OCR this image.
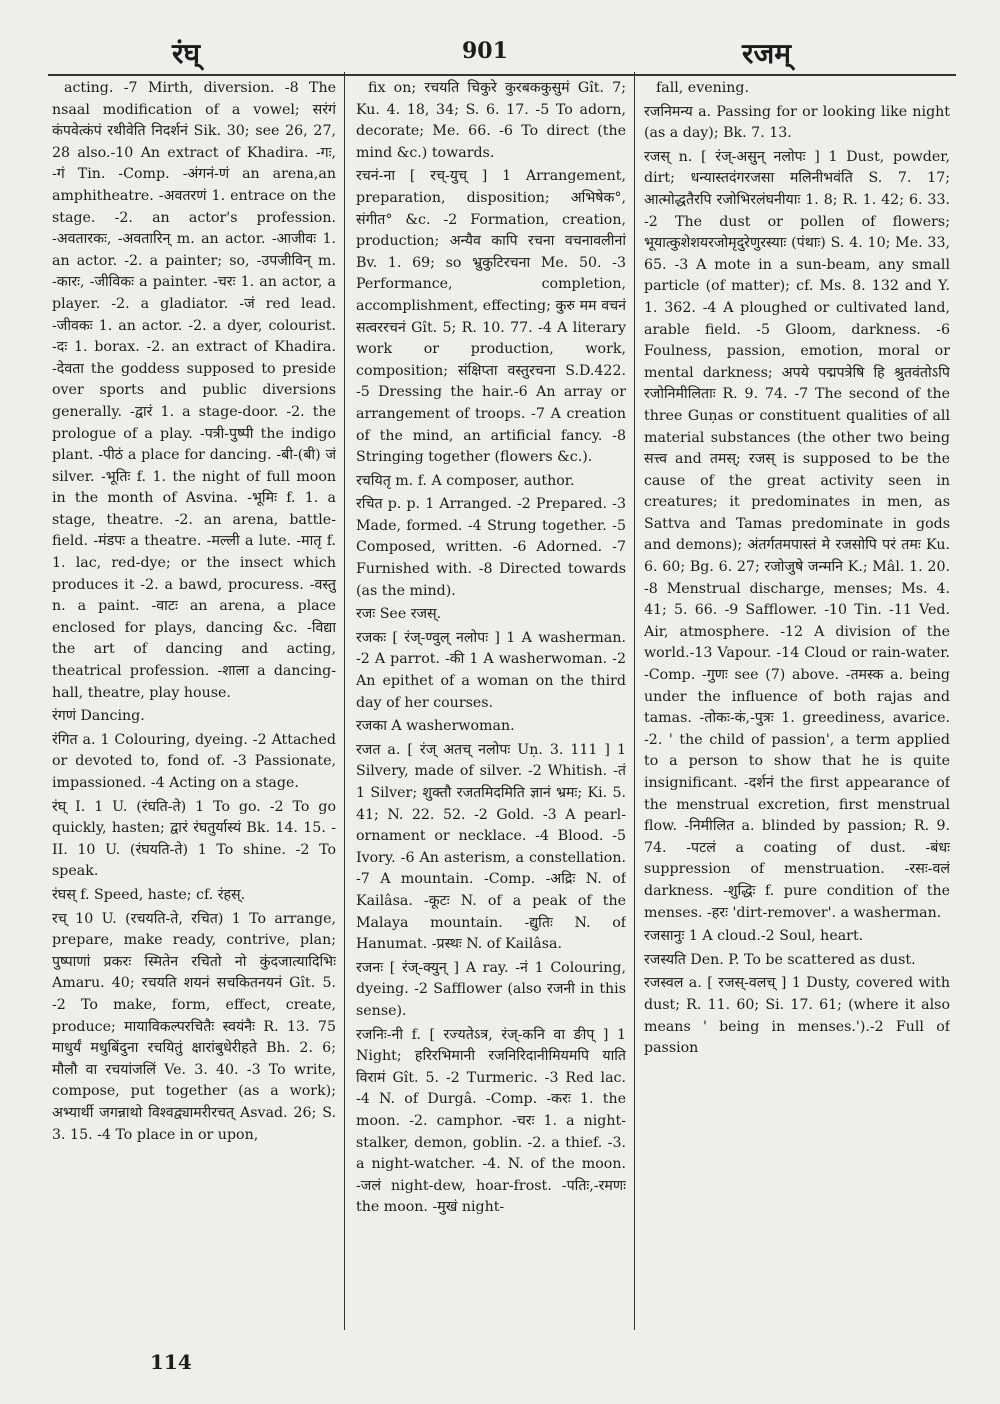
रंघ्	901	रजम्

acting. -7 Mirth, diversion. -8 The nsaal modification of a vowel; सरंगं कंपवेत्कंपं रथीवेति निदर्शनं Sik. 30; see 26, 27, 28 also.-10 An extract of Khadira. -गः, -गं Tin. -Comp. -अंगनं-णं an arena,an amphitheatre. -अवतरणं 1. entrace on the stage. -2. an actor's profession. -अवतारकः, -अवतारिन् m. an actor. -आजीवः 1. an actor. -2. a painter; so, -उपजीविन् m. -कारः, -जीविकः a painter. -चरः 1. an actor, a player. -2. a gladiator. -जं red lead. -जीवकः 1. an actor. -2. a dyer, colourist. -दः 1. borax. -2. an extract of Khadira. -देवता the goddess supposed to preside over sports and public diversions generally. -द्वारं 1. a stage-door. -2. the prologue of a play. -पत्री-पुष्पी the indigo plant. -पीठं a place for dancing. -बी-(बी) जं silver. -भूतिः f. 1. the night of full moon in the month of Asvina. -भूमिः f. 1. a stage, theatre. -2. an arena, battle-field. -मंडपः a theatre. -मल्ली a lute. -मातृ f. 1. lac, red-dye; or the insect which produces it -2. a bawd, procuress. -वस्तु n. a paint. -वाटः an arena, a place enclosed for plays, dancing &c. -विद्या the art of dancing and acting, theatrical profession. -शाला a dancing-hall, theatre, play house.

रंगणं Dancing.

रंगित a. 1 Colouring, dyeing. -2 Attached or devoted to, fond of. -3 Passionate, impassioned. -4 Acting on a stage.

रंघ् I. 1 U. (रंघति-ते) 1 To go. -2 To go quickly, hasten; द्वारं रंघतुर्यास्यं Bk. 14. 15. -II. 10 U. (रंघयति-ते) 1 To shine. -2 To speak.

रंघस् f. Speed, haste; cf. रंहस्.

रच् 10 U. (रचयति-ते, रचित) 1 To arrange, prepare, make ready, contrive, plan; पुष्पाणां प्रकरः स्मितेन रचितो नो कुंदजात्यादिभिः Amaru. 40; रचयति शयनं सचकितनयनं Gît. 5. -2 To make, form, effect, create, produce; मायाविकल्परचितैः स्वयंनैः R. 13. 75 माधुर्यं मधुबिंदुना रचयितुं क्षारांबुधेरीहते Bh. 2. 6; मौलौ वा रचयांजलिं Ve. 3. 40. -3 To write, compose, put together (as a work); अभ्यार्थी जगन्नाथो विश्वद्व्यामरीरचत् Asvad. 26; S. 3. 15. -4 To place in or upon,

fix on; रचयति चिकुरे कुरबककुसुमं Gît. 7; Ku. 4. 18, 34; S. 6. 17. -5 To adorn, decorate; Me. 66. -6 To direct (the mind &c.) towards.

रचनं-ना [ रच्-युच् ] 1 Arrangement, preparation, disposition; अभिषेक°, संगीत° &c. -2 Formation, creation, production; अन्यैव कापि रचना वचनावलीनां Bv. 1. 69; so भ्रुकुटिरचना Me. 50. -3 Performance, completion, accomplishment, effecting; कुरु मम वचनं सत्वररचनं Gît. 5; R. 10. 77. -4 A literary work or production, work, composition; संक्षिप्ता वस्तुरचना S.D.422. -5 Dressing the hair.-6 An array or arrangement of troops. -7 A creation of the mind, an artificial fancy. -8 Stringing together (flowers &c.).

रचयितृ m. f. A composer, author.

रचित p. p. 1 Arranged. -2 Prepared. -3 Made, formed. -4 Strung together. -5 Composed, written. -6 Adorned. -7 Furnished with. -8 Directed towards (as the mind).

रजः See रजस्.

रजकः [ रंज्-ण्वुल् नलोपः ] 1 A washerman. -2 A parrot. -की 1 A washerwoman. -2 An epithet of a woman on the third day of her courses.

रजका A washerwoman.

रजत a. [ रंज् अतच् नलोपः Uṇ. 3. 111 ] 1 Silvery, made of silver. -2 Whitish. -तं 1 Silver; शुक्तौ रजतमिदमिति ज्ञानं भ्रमः; Ki. 5. 41; N. 22. 52. -2 Gold. -3 A pearl-ornament or necklace. -4 Blood. -5 Ivory. -6 An asterism, a constellation. -7 A mountain. -Comp. -अद्रिः N. of Kailâsa. -कूटः N. of a peak of the Malaya mountain. -द्युतिः N. of Hanumat. -प्रस्थः N. of Kailâsa.

रजनः [ रंज्-क्युन् ] A ray. -नं 1 Colouring, dyeing. -2 Safflower (also रजनी in this sense).

रजनिः-नी f. [ रज्यतेऽत्र, रंज्-कनि वा ङीप् ] 1 Night; हरिरभिमानी रजनिरिदानीमियमपि याति विरामं Gît. 5. -2 Turmeric. -3 Red lac. -4 N. of Durgâ. -Comp. -करः 1. the moon. -2. camphor. -चरः 1. a night-stalker, demon, goblin. -2. a thief. -3. a night-watcher. -4. N. of the moon. -जलं night-dew, hoar-frost. -पतिः,-रमणः the moon. -मुखं night-

fall, evening.

रजनिमन्य a. Passing for or looking like night (as a day); Bk. 7. 13.

रजस् n. [ रंज्-असुन् नलोपः ] 1 Dust, powder, dirt; धन्यास्तदंगरजसा मलिनीभवंति S. 7. 17; आत्मोद्धतैरपि रजोभिरलंघनीयाः 1. 8; R. 1. 42; 6. 33. -2 The dust or pollen of flowers; भूयात्कुशेशयरजोमृदुरेणुरस्याः (पंथाः) S. 4. 10; Me. 33, 65. -3 A mote in a sun-beam, any small particle (of matter); cf. Ms. 8. 132 and Y. 1. 362. -4 A ploughed or cultivated land, arable field. -5 Gloom, darkness. -6 Foulness, passion, emotion, moral or mental darkness; अपये पद्मपत्रेषि हि श्रुतवंतोऽपि रजोनिमीलिताः R. 9. 74. -7 The second of the three Guṇas or constituent qualities of all material substances (the other two being सत्त्व and तमस्; रजस् is supposed to be the cause of the great activity seen in creatures; it predominates in men, as Sattva and Tamas predominate in gods and demons); अंतर्गतमपास्तं मे रजसोपि परं तमः Ku. 6. 60; Bg. 6. 27; रजोजुषे जन्मनि K.; Mâl. 1. 20. -8 Menstrual discharge, menses; Ms. 4. 41; 5. 66. -9 Safflower. -10 Tin. -11 Ved. Air, atmosphere. -12 A division of the world.-13 Vapour. -14 Cloud or rain-water. -Comp. -गुणः see (7) above. -तमस्क a. being under the influence of both rajas and tamas. -तोकः-कं,-पुत्रः 1. greediness, avarice. -2. ' the child of passion', a term applied to a person to show that he is quite insignificant. -दर्शनं the first appearance of the menstrual excretion, first menstrual flow. -निमीलित a. blinded by passion; R. 9. 74. -पटलं a coating of dust. -बंधः suppression of menstruation. -रसः-वलं darkness. -शुद्धिः f. pure condition of the menses. -हरः 'dirt-remover'. a washerman.

रजसानुः 1 A cloud.-2 Soul, heart.

रजस्यति Den. P. To be scattered as dust.

रजस्वल a. [ रजस्-वलच् ] 1 Dusty, covered with dust; R. 11. 60; Si. 17. 61; (where it also means ' being in menses.').-2 Full of passion

114
